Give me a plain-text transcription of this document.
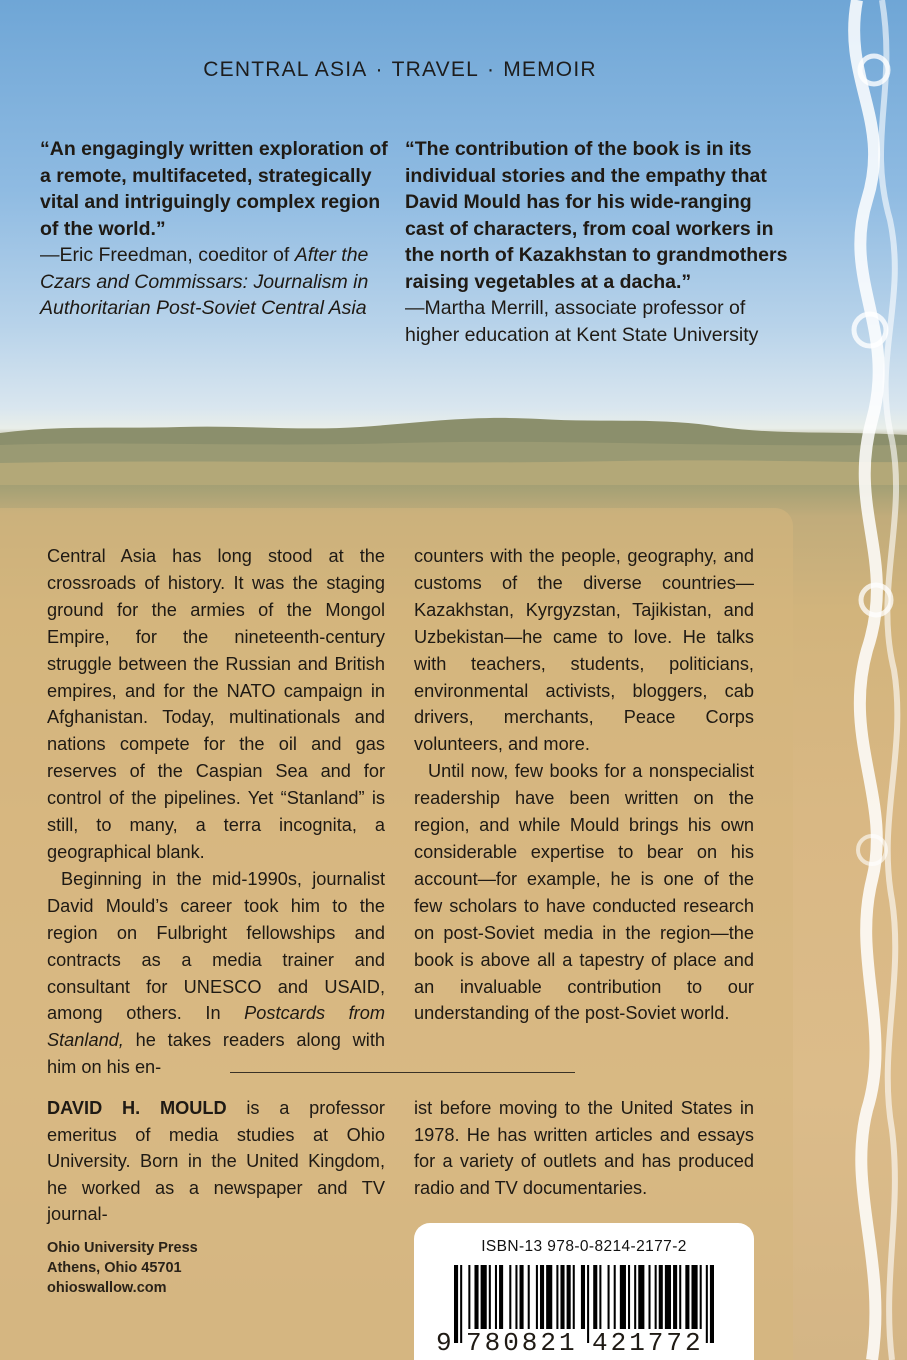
CENTRAL ASIA · TRAVEL · MEMOIR

“An engagingly written exploration of a remote, multifaceted, strategically vital and intriguingly complex region of the world.”

—Eric Freedman, coeditor of After the Czars and Commissars: Journalism in Authoritarian Post-Soviet Central Asia

“The contribution of the book is in its individual stories and the empathy that David Mould has for his wide-ranging cast of characters, from coal workers in the north of Kazakhstan to grandmothers raising vegetables at a dacha.”

—Martha Merrill, associate professor of higher education at Kent State University

Central Asia has long stood at the crossroads of history. It was the staging ground for the armies of the Mongol Empire, for the nineteenth-century struggle between the Russian and British empires, and for the NATO campaign in Afghanistan. Today, multinationals and nations compete for the oil and gas reserves of the Caspian Sea and for control of the pipelines. Yet “Stanland” is still, to many, a terra incognita, a geographical blank.

Beginning in the mid-1990s, journalist David Mould’s career took him to the region on Fulbright fellowships and contracts as a media trainer and consultant for UNESCO and USAID, among others. In Postcards from Stanland, he takes readers along with him on his en-

counters with the people, geography, and customs of the diverse countries—Kazakhstan, Kyrgyzstan, Tajikistan, and Uzbekistan—he came to love. He talks with teachers, students, politicians, environmental activists, bloggers, cab drivers, merchants, Peace Corps volunteers, and more.

Until now, few books for a nonspecialist readership have been written on the region, and while Mould brings his own considerable expertise to bear on his account—for example, he is one of the few scholars to have conducted research on post-Soviet media in the region—the book is above all a tapestry of place and an invaluable contribution to our understanding of the post-Soviet world.

DAVID H. MOULD is a professor emeritus of media studies at Ohio University. Born in the United Kingdom, he worked as a newspaper and TV journal-
ist before moving to the United States in 1978. He has written articles and essays for a variety of outlets and has produced radio and TV documentaries.
Ohio University Press
Athens, Ohio 45701
ohioswallow.com
ISBN-13 978-0-8214-2177-2
9 780821 421772
